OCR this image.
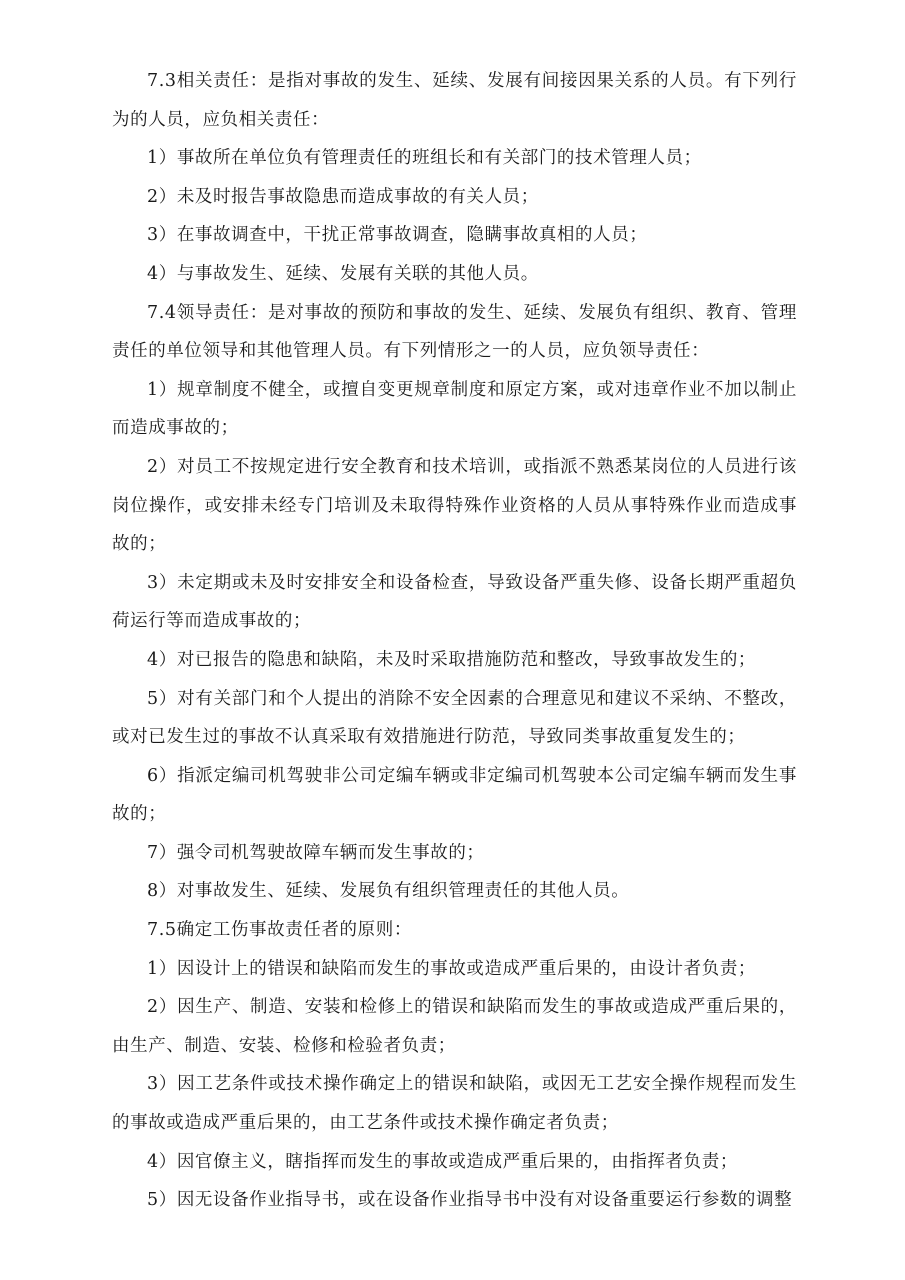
7.3相关责任：是指对事故的发生、延续、发展有间接因果关系的人员。有下列行为的人员，应负相关责任：

1）事故所在单位负有管理责任的班组长和有关部门的技术管理人员；

2）未及时报告事故隐患而造成事故的有关人员；

3）在事故调查中，干扰正常事故调查，隐瞒事故真相的人员；

4）与事故发生、延续、发展有关联的其他人员。

7.4领导责任：是对事故的预防和事故的发生、延续、发展负有组织、教育、管理责任的单位领导和其他管理人员。有下列情形之一的人员，应负领导责任：

1）规章制度不健全，或擅自变更规章制度和原定方案，或对违章作业不加以制止而造成事故的；

2）对员工不按规定进行安全教育和技术培训，或指派不熟悉某岗位的人员进行该岗位操作，或安排未经专门培训及未取得特殊作业资格的人员从事特殊作业而造成事故的；

3）未定期或未及时安排安全和设备检查，导致设备严重失修、设备长期严重超负荷运行等而造成事故的；

4）对已报告的隐患和缺陷，未及时采取措施防范和整改，导致事故发生的；

5）对有关部门和个人提出的消除不安全因素的合理意见和建议不采纳、不整改，或对已发生过的事故不认真采取有效措施进行防范，导致同类事故重复发生的；

6）指派定编司机驾驶非公司定编车辆或非定编司机驾驶本公司定编车辆而发生事故的；

7）强令司机驾驶故障车辆而发生事故的；

8）对事故发生、延续、发展负有组织管理责任的其他人员。

7.5确定工伤事故责任者的原则：

1）因设计上的错误和缺陷而发生的事故或造成严重后果的，由设计者负责；

2）因生产、制造、安装和检修上的错误和缺陷而发生的事故或造成严重后果的，由生产、制造、安装、检修和检验者负责；

3）因工艺条件或技术操作确定上的错误和缺陷，或因无工艺安全操作规程而发生的事故或造成严重后果的，由工艺条件或技术操作确定者负责；

4）因官僚主义，瞎指挥而发生的事故或造成严重后果的，由指挥者负责；

5）因无设备作业指导书，或在设备作业指导书中没有对设备重要运行参数的调整
